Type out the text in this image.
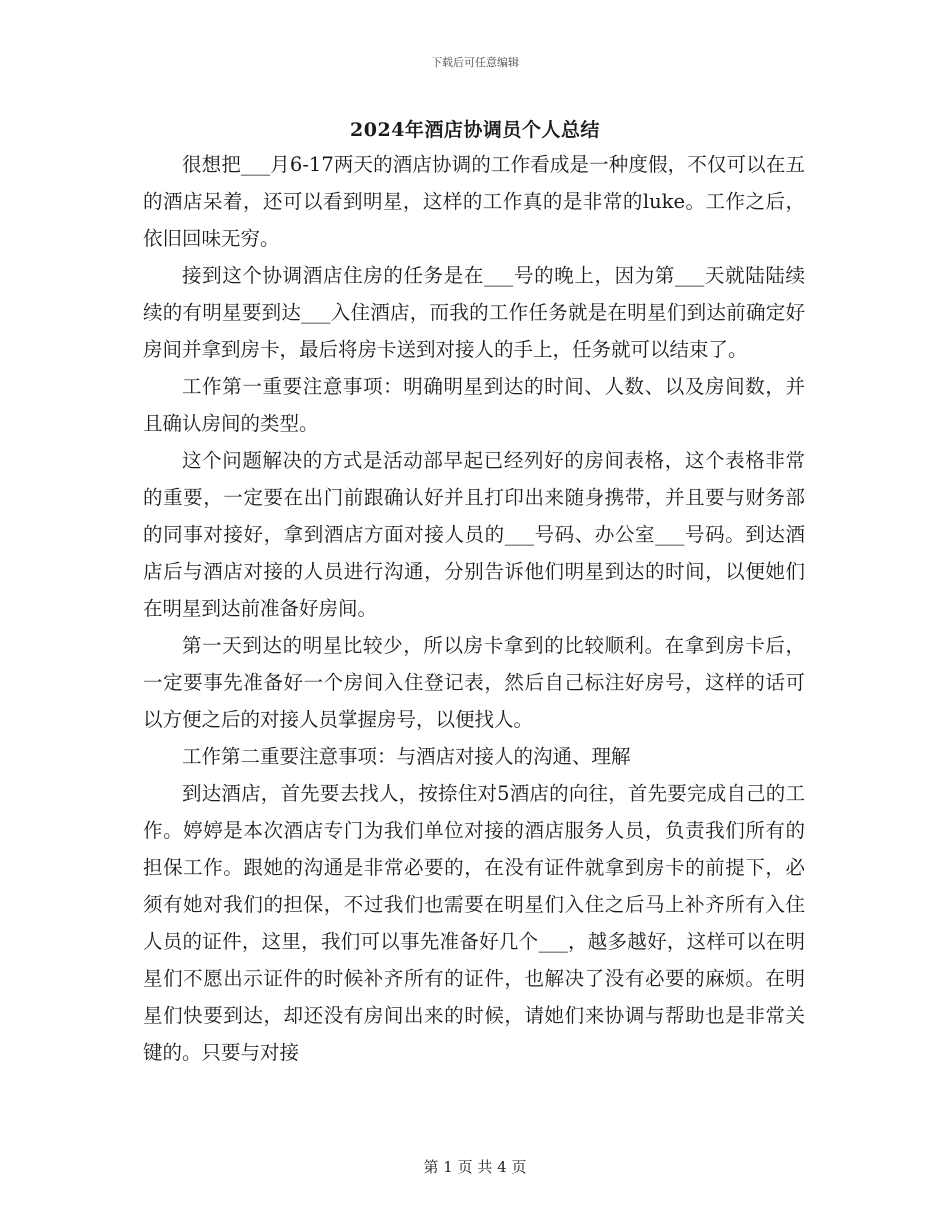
下载后可任意编辑
2024年酒店协调员个人总结

很想把___月6-17两天的酒店协调的工作看成是一种度假，不仅可以在五的酒店呆着，还可以看到明星，这样的工作真的是非常的luke。工作之后，依旧回味无穷。

接到这个协调酒店住房的任务是在___号的晚上，因为第___天就陆陆续续的有明星要到达___入住酒店，而我的工作任务就是在明星们到达前确定好房间并拿到房卡，最后将房卡送到对接人的手上，任务就可以结束了。

工作第一重要注意事项：明确明星到达的时间、人数、以及房间数，并且确认房间的类型。

这个问题解决的方式是活动部早起已经列好的房间表格，这个表格非常的重要，一定要在出门前跟确认好并且打印出来随身携带，并且要与财务部的同事对接好，拿到酒店方面对接人员的___号码、办公室___号码。到达酒店后与酒店对接的人员进行沟通，分别告诉他们明星到达的时间，以便她们在明星到达前准备好房间。

第一天到达的明星比较少，所以房卡拿到的比较顺利。在拿到房卡后，一定要事先准备好一个房间入住登记表，然后自己标注好房号，这样的话可以方便之后的对接人员掌握房号，以便找人。

工作第二重要注意事项：与酒店对接人的沟通、理解

到达酒店，首先要去找人，按捺住对5酒店的向往，首先要完成自己的工作。婷婷是本次酒店专门为我们单位对接的酒店服务人员，负责我们所有的担保工作。跟她的沟通是非常必要的，在没有证件就拿到房卡的前提下，必须有她对我们的担保，不过我们也需要在明星们入住之后马上补齐所有入住人员的证件，这里，我们可以事先准备好几个___，越多越好，这样可以在明星们不愿出示证件的时候补齐所有的证件，也解决了没有必要的麻烦。在明星们快要到达，却还没有房间出来的时候，请她们来协调与帮助也是非常关键的。只要与对接

第 1 页 共 4 页
